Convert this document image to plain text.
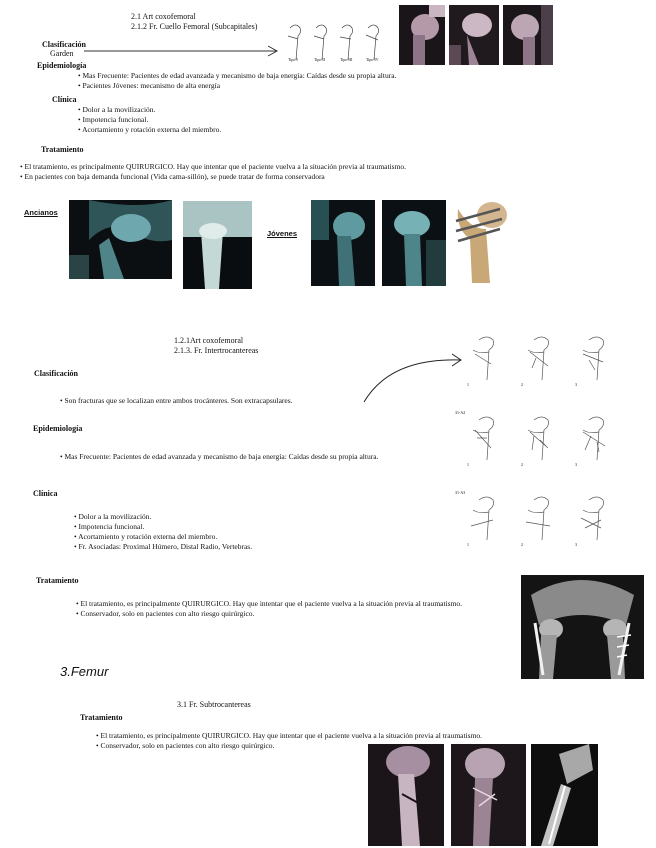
2.1 Art coxofemoral
2.1.2 Fr. Cuello Femoral (Subcapitales)
Clasificación
Garden
Tipo I	Tipo II	Tipo III	Tipo IV
Epidemiología
• Mas Frecuente: Pacientes de edad avanzada y mecanismo de baja energía: Caídas desde su propia altura.
• Pacientes Jóvenes: mecanismo de alta energía
Clínica
• Dolor a la movilización.
• Impotencia funcional.
• Acortamiento y rotación externa del miembro.
Tratamiento
• El tratamiento, es principalmente QUIRURGICO. Hay que intentar que el paciente vuelva a la situación previa al traumatismo.
• En pacientes con baja demanda funcional (Vida cama-sillón), se puede tratar de forma conservadora
Ancianos
Jóvenes
1.2.1Art coxofemoral
2.1.3. Fr. Intertrocantereas
Clasificación
• Son fracturas que se localizan entre ambos trocánteres. Son extracapsulares.
Epidemiología
• Mas Frecuente: Pacientes de edad avanzada y mecanismo de baja energía: Caídas desde su propia altura.
Clínica
• Dolor a la movilización.
• Impotencia funcional.
• Acortamiento y rotación externa del miembro.
• Fr. Asociadas: Proximal Húmero, Distal Radio, Vertebras.
31-A2
31-A3
1	2	3
1	2	3
1	2	3
Tratamiento
• El tratamiento, es principalmente QUIRURGICO. Hay que intentar que el paciente vuelva a la situación previa al traumatismo.
• Conservador, solo en pacientes con alto riesgo quirúrgico.
3.Femur
3.1 Fr. Subtrocantereas
Tratamiento
• El tratamiento, es principalmente QUIRURGICO. Hay que intentar que el paciente vuelva a la situación previa al traumatismo.
• Conservador, solo en pacientes con alto riesgo quirúrgico.
